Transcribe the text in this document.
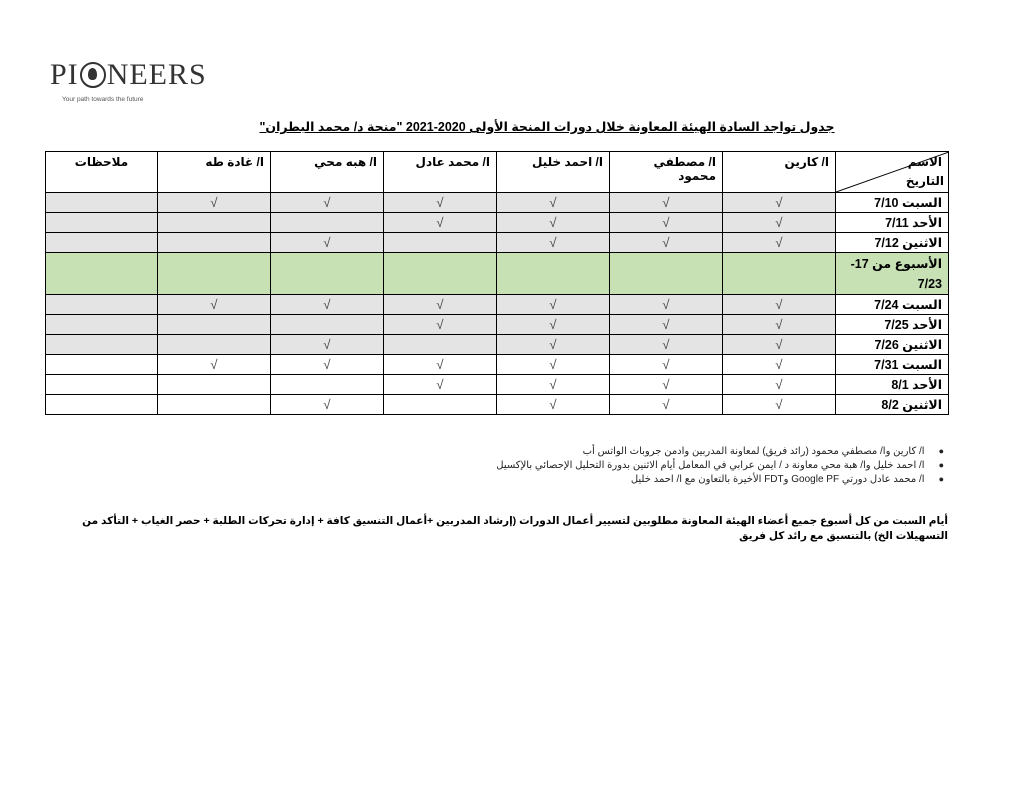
PI NEERS
Your path towards the future
جدول تواجد السادة الهيئة المعاونة خلال دورات المنحة الأولى 2020-2021 "منحة د/ محمد البطران"
الاسم
التاريخ	ا/ كارين	ا/ مصطفي محمود	ا/ احمد خليل	ا/ محمد عادل	ا/ هبه محي	ا/ غادة طه	ملاحظات
السبت 7/10	√	√	√	√	√	√	
الأحد 7/11	√	√	√	√			
الاثنين 7/12	√	√	√		√		
الأسبوع من 17-7/23							
السبت 7/24	√	√	√	√	√	√	
الأحد 7/25	√	√	√	√			
الاثنين 7/26	√	√	√		√		
السبت 7/31	√	√	√	√	√	√	
الأحد 8/1	√	√	√	√			
الاثنين 8/2	√	√	√		√		
●ا/ كارين وا/ مصطفي محمود (رائد فريق) لمعاونة المدربين وادمن جروبات الواتس أب
●ا/ احمد خليل وا/ هبة محي معاونة د / ايمن عرابي في المعامل أيام الاثنين بدورة التحليل الإحصائي بالإكسيل
●ا/ محمد عادل دورتي Google PF وFDT الأخيرة بالتعاون مع ا/ احمد خليل
أيام السبت من كل أسبوع جميع أعضاء الهيئة المعاونة مطلوبين لتسيير أعمال الدورات (إرشاد المدربين +أعمال التنسيق كافة + إدارة تحركات الطلبة + حصر الغياب + التأكد من التسهيلات الخ) بالتنسيق مع رائد كل فريق
